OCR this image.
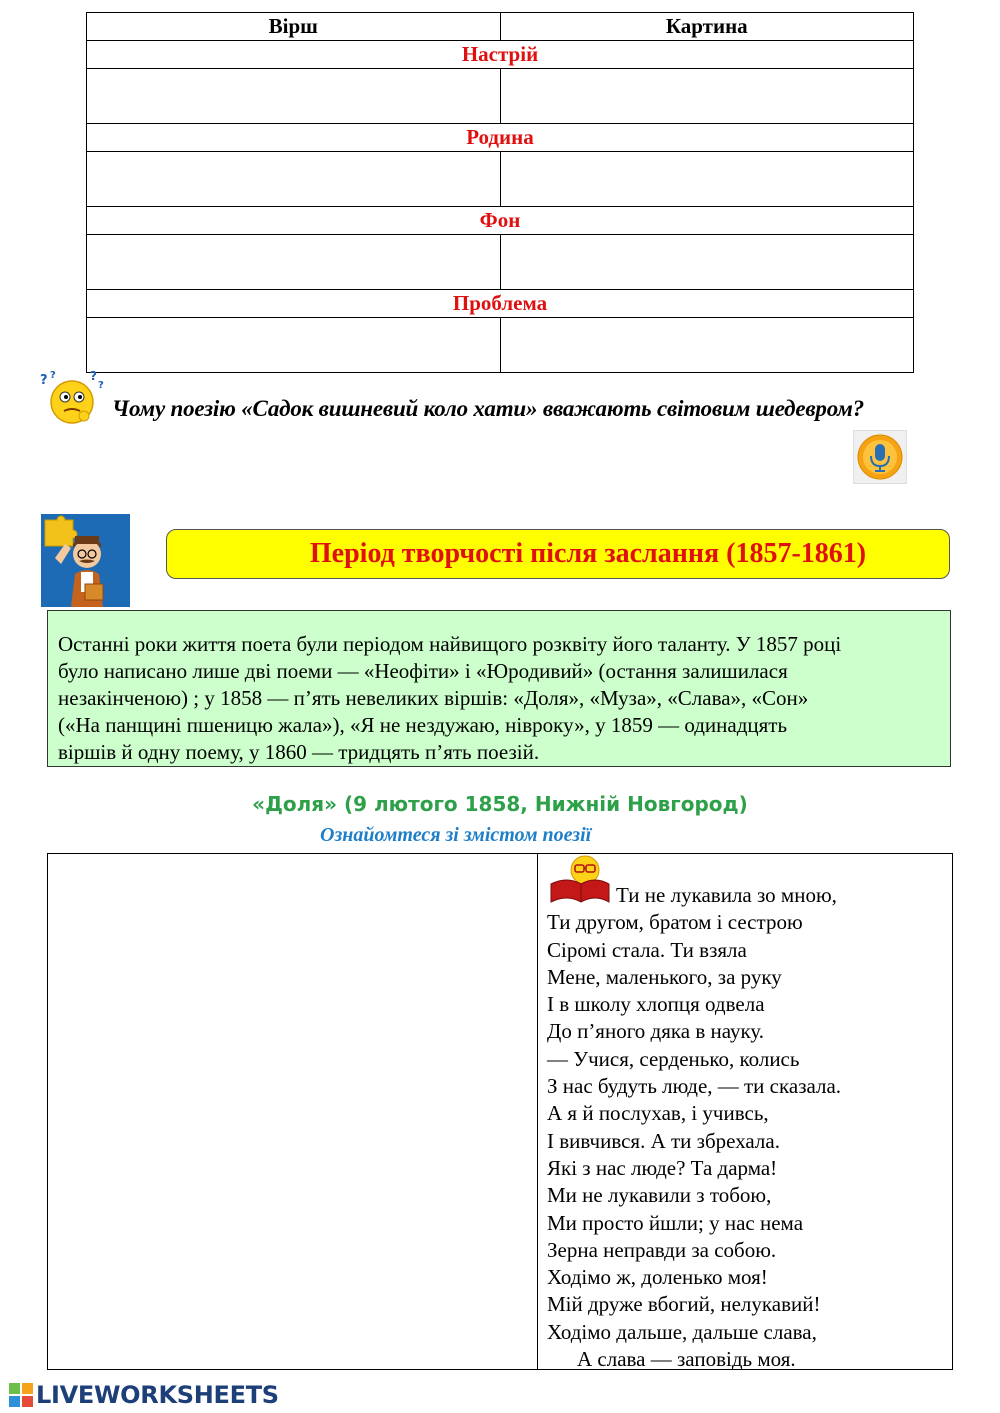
Вірш	Картина
Настрій	

Родина	

Фон	

Проблема	

? ?	?
?
Чому поезію «Садок вишневий коло хати» вважають світовим шедевром?
Період творчості після заслання (1857-1861)
Останні роки життя поета були періодом найвищого розквіту його таланту. У 1857 році
було написано лише дві поеми — «Неофіти» і «Юродивий» (остання залишилася
незакінченою) ; у 1858 — п’ять невеликих віршів: «Доля», «Муза», «Слава», «Сон»
(«На панщині пшеницю жала»), «Я не нездужаю, нівроку», у 1859 — одинадцять
віршів й одну поему, у 1860 — тридцять п’ять поезій.
«Доля» (9 лютого 1858, Нижній Новгород)
Ознайомтеся зі змістом поезії
Ти не лукавила зо мною,
Ти другом, братом і сестрою
Сіромі стала. Ти взяла
Мене, маленького, за руку
І в школу хлопця одвела
До п’яного дяка в науку.
— Учися, серденько, колись
З нас будуть люде, — ти сказала.
А я й послухав, і учивсь,
І вивчився. А ти збрехала.
Які з нас люде? Та дарма!
Ми не лукавили з тобою,
Ми просто йшли; у нас нема
Зерна неправди за собою.
Ходімо ж, доленько моя!
Мій друже вбогий, нелукавий!
Ходімо дальше, дальше слава,
А слава — заповідь моя.
LIVEWORKSHEETS
